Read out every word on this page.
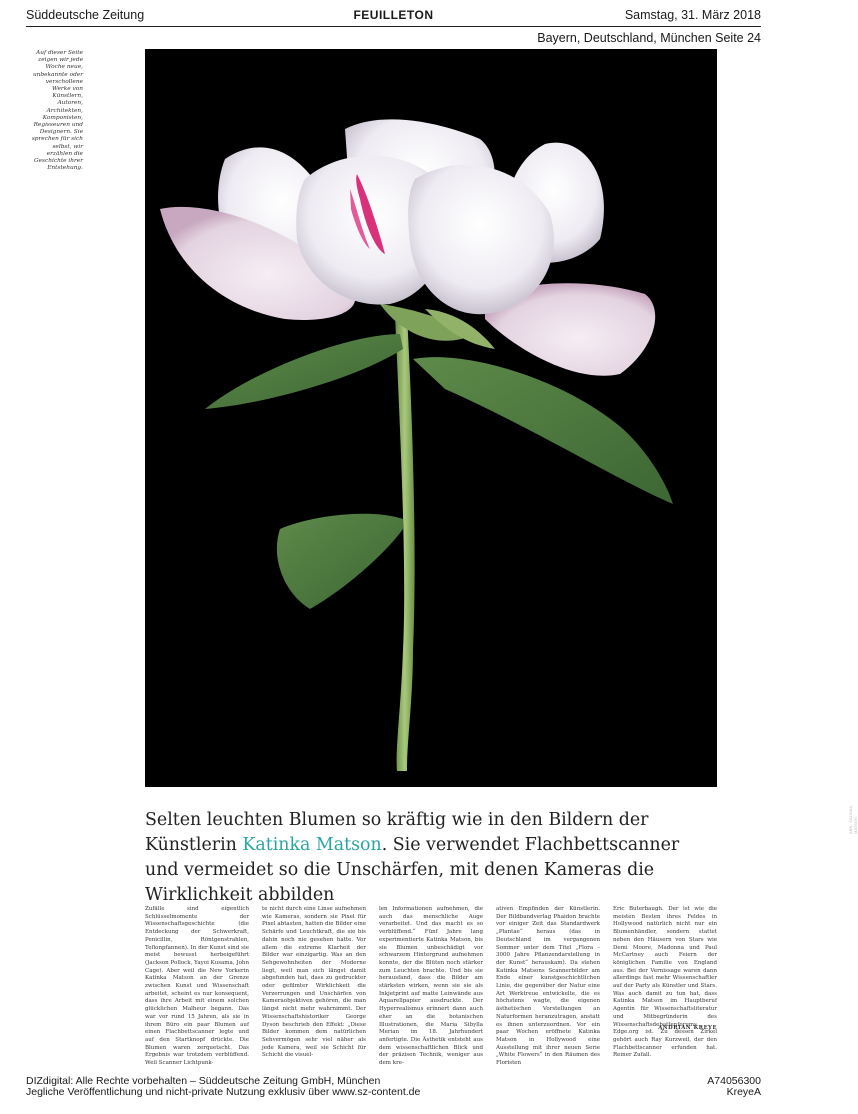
Süddeutsche Zeitung	FEUILLETON	Samstag, 31. März 2018
Bayern, Deutschland, München Seite 24
Auf dieser Seite zeigen wir jede Woche neue, unbekannte oder verschollene Werke von Künstlern, Autoren, Architekten, Komponisten, Regisseuren und Designern. Sie sprechen für sich selbst, wir erzählen die Geschichte ihrer Entstehung.
ABB.: KATINKA MATSON
Selten leuchten Blumen so kräftig wie in den Bildern der Künstlerin Katinka Matson. Sie verwendet Flachbettscanner und vermeidet so die Unschärfen, mit denen Kameras die Wirklichkeit abbilden

Zufälle sind eigentlich Schlüsselmomente der Wissenschaftsgeschichte (die Entdeckung der Schwerkraft, Penicillin, Röntgenstrahlen, Teflonpfannen). In der Kunst sind sie meist bewusst herbeigeführt (Jackson Pollock, Yayoi Kusama, John Cage). Aber weil die New Yorkerin Katinka Matson an der Grenze zwischen Kunst und Wissenschaft arbeitet, scheint es nur konsequent, dass ihre Arbeit mit einem solchen glücklichen Malheur begann. Das war vor rund 15 Jahren, als sie in ihrem Büro ein paar Blumen auf einen Flachbettscanner legte und auf den Startknopf drückte. Die Blumen waren zerquetscht. Das Ergebnis war trotzdem verblüffend. Weil Scanner Lichtpunk-

te nicht durch eine Linse aufnehmen wie Kameras, sondern sie Pixel für Pixel abtasten, hatten die Bilder eine Schärfe und Leuchtkraft, die sie bis dahin noch nie gesehen hatte. Vor allem die extreme Klarheit der Bilder war einzigartig. Was an den Sehgewohnheiten der Moderne liegt, weil man sich längst damit abgefunden hat, dass zu gedruckter oder gefilmter Wirklichkeit die Verzerrungen und Unschärfen von Kameraobjektiven gehören, die man längst nicht mehr wahrnimmt. Der Wissenschaftshistoriker George Dyson beschrieb den Effekt: „Diese Bilder kommen dem natürlichen Sehvermögen sehr viel näher als jede Kamera, weil sie Schicht für Schicht die visuel-

len Informationen aufnehmen, die auch das menschliche Auge verarbeitet. Und das macht es so verblüffend.“ Fünf Jahre lang experimentierte Katinka Matson, bis sie Blumen unbeschädigt vor schwarzem Hintergrund aufnehmen konnte, der die Blüten noch stärker zum Leuchten brachte. Und bis sie herausfand, dass die Bilder am stärksten wirken, wenn sie sie als Inkjetprint auf matte Leinwände aus Aquarellpapier ausdruckte. Der Hyperrealismus erinnert dann auch eher an die botanischen Illustrationen, die Maria Sibylla Merian im 18. Jahrhundert anfertigte. Die Ästhetik entsteht aus dem wissenschaftlichen Blick und der präzisen Technik, weniger aus dem kre-

ativen Empfinden der Künstlerin. Der Bildbandverlag Phaidon brachte vor einiger Zeit das Standardwerk „Plantae“ heraus (das in Deutschland im vergangenen Sommer unter dem Titel „Flora – 3000 Jahre Pflanzendarstellung in der Kunst“ herauskam). Da stehen Katinka Matsons Scannerbilder am Ende einer kunstgeschichtlichen Linie, die gegenüber der Natur eine Art Werktreue entwickelte, die es höchstens wagte, die eigenen ästhetischen Vorstellungen an Naturformen heranzutragen, anstatt es ihnen unterzuordnen. Vor ein paar Wochen eröffnete Katinka Matson in Hollywood eine Ausstellung mit ihrer neuen Serie „White Flowers“ in den Räumen des Floristen

Eric Buterbaugh. Der ist wie die meisten Besten ihres Feldes in Hollywood natürlich nicht nur ein Blumenhändler, sondern stattet neben den Häusern von Stars wie Demi Moore, Madonna und Paul McCartney auch Feiern der königlichen Familie von England aus. Bei der Vernissage waren dann allerdings fast mehr Wissenschaftler auf der Party als Künstler und Stars. Was auch damit zu tun hat, dass Katinka Matson im Hauptberuf Agentin für Wissenschaftsliteratur und Mitbegründerin des Wissenschaftsdebattenforums Edge.org ist. Zu dessen Zirkel gehört auch Ray Kurzweil, der den Flachbettscanner erfunden hat. Reiner Zufall.

ANDRIAN KREYE
DIZdigital: Alle Rechte vorbehalten – Süddeutsche Zeitung GmbH, München
Jegliche Veröffentlichung und nicht-private Nutzung exklusiv über www.sz-content.de
A74056300
KreyeA
